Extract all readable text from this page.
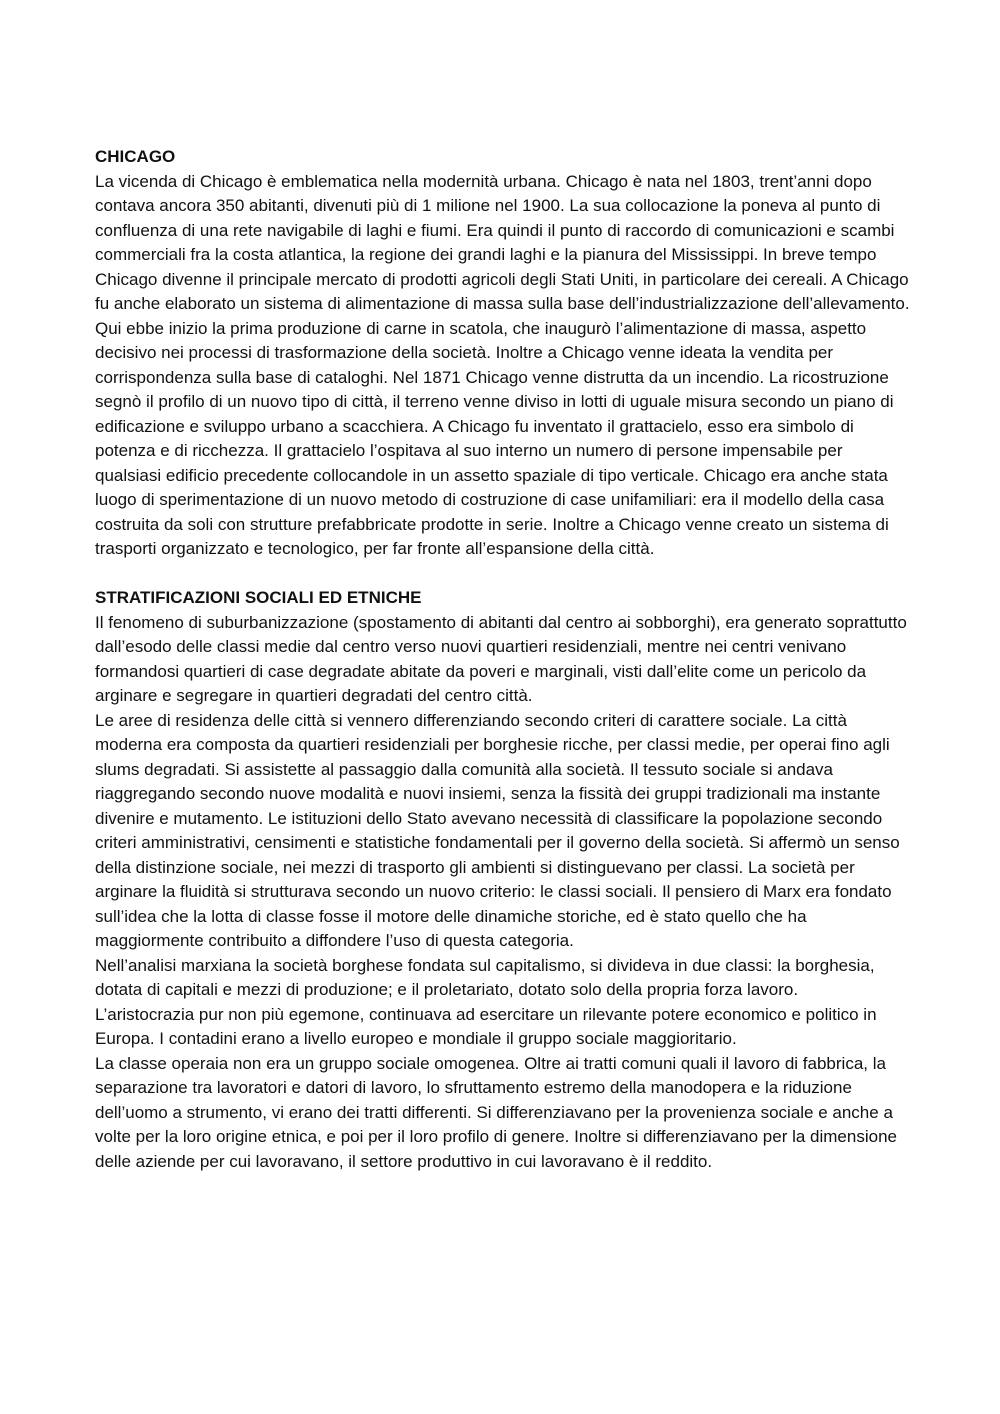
CHICAGO

La vicenda di Chicago è emblematica nella modernità urbana. Chicago è nata nel 1803, trent’anni dopo contava ancora 350 abitanti, divenuti più di 1 milione nel 1900. La sua collocazione la poneva al punto di confluenza di una rete navigabile di laghi e fiumi. Era quindi il punto di raccordo di comunicazioni e scambi commerciali fra la costa atlantica, la regione dei grandi laghi e la pianura del Mississippi. In breve tempo Chicago divenne il principale mercato di prodotti agricoli degli Stati Uniti, in particolare dei cereali. A Chicago fu anche elaborato un sistema di alimentazione di massa sulla base dell’industrializzazione dell’allevamento. Qui ebbe inizio la prima produzione di carne in scatola, che inaugurò l’alimentazione di massa, aspetto decisivo nei processi di trasformazione della società. Inoltre a Chicago venne ideata la vendita per corrispondenza sulla base di cataloghi. Nel 1871 Chicago venne distrutta da un incendio. La ricostruzione segnò il profilo di un nuovo tipo di città, il terreno venne diviso in lotti di uguale misura secondo un piano di edificazione e sviluppo urbano a scacchiera. A Chicago fu inventato il grattacielo, esso era simbolo di potenza e di ricchezza. Il grattacielo l’ospitava al suo interno un numero di persone impensabile per qualsiasi edificio precedente collocandole in un assetto spaziale di tipo verticale. Chicago era anche stata luogo di sperimentazione di un nuovo metodo di costruzione di case unifamiliari: era il modello della casa costruita da soli con strutture prefabbricate prodotte in serie. Inoltre a Chicago venne creato un sistema di trasporti organizzato e tecnologico, per far fronte all’espansione della città.

STRATIFICAZIONI SOCIALI ED ETNICHE

Il fenomeno di suburbanizzazione (spostamento di abitanti dal centro ai sobborghi), era generato soprattutto dall’esodo delle classi medie dal centro verso nuovi quartieri residenziali, mentre nei centri venivano formandosi quartieri di case degradate abitate da poveri e marginali, visti dall’elite come un pericolo da arginare e segregare in quartieri degradati del centro città.

Le aree di residenza delle città si vennero differenziando secondo criteri di carattere sociale. La città moderna era composta da quartieri residenziali per borghesie ricche, per classi medie, per operai fino agli slums degradati. Si assistette al passaggio dalla comunità alla società. Il tessuto sociale si andava riaggregando secondo nuove modalità e nuovi insiemi, senza la fissità dei gruppi tradizionali ma instante divenire e mutamento. Le istituzioni dello Stato avevano necessità di classificare la popolazione secondo criteri amministrativi, censimenti e statistiche fondamentali per il governo della società. Si affermò un senso della distinzione sociale, nei mezzi di trasporto gli ambienti si distinguevano per classi. La società per arginare la fluidità si strutturava secondo un nuovo criterio: le classi sociali. Il pensiero di Marx era fondato sull’idea che la lotta di classe fosse il motore delle dinamiche storiche, ed è stato quello che ha maggiormente contribuito a diffondere l’uso di questa categoria.

Nell’analisi marxiana la società borghese fondata sul capitalismo, si divideva in due classi: la borghesia, dotata di capitali e mezzi di produzione; e il proletariato, dotato solo della propria forza lavoro.

L’aristocrazia pur non più egemone, continuava ad esercitare un rilevante potere economico e politico in Europa. I contadini erano a livello europeo e mondiale il gruppo sociale maggioritario.

La classe operaia non era un gruppo sociale omogenea. Oltre ai tratti comuni quali il lavoro di fabbrica, la separazione tra lavoratori e datori di lavoro, lo sfruttamento estremo della manodopera e la riduzione dell’uomo a strumento, vi erano dei tratti differenti. Si differenziavano per la provenienza sociale e anche a volte per la loro origine etnica, e poi per il loro profilo di genere. Inoltre si differenziavano per la dimensione delle aziende per cui lavoravano, il settore produttivo in cui lavoravano è il reddito.
